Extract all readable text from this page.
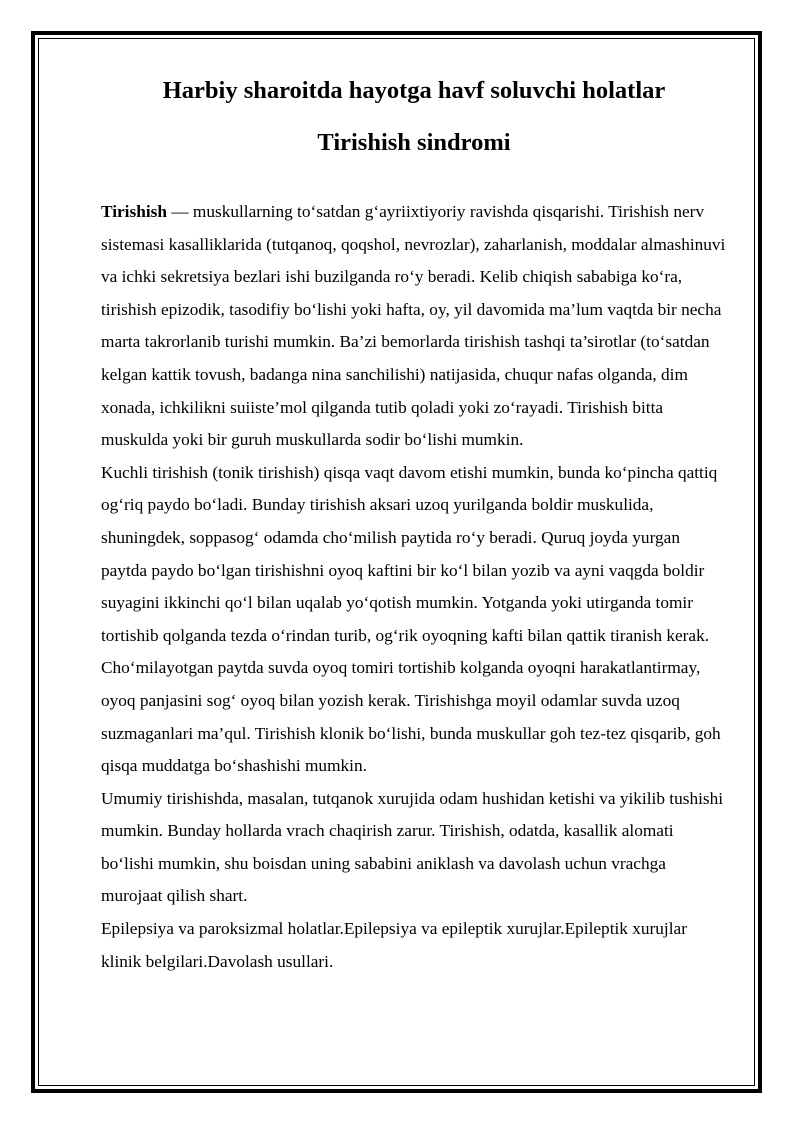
Harbiy sharoitda hayotga havf soluvchi holatlar
Tirishish sindromi

Tirishish — muskullarning to‘satdan g‘ayriixtiyoriy ravishda qisqarishi. Tirishish nerv sistemasi kasalliklarida (tutqanoq, qoqshol, nevrozlar), zaharlanish, moddalar almashinuvi va ichki sekretsiya bezlari ishi buzilganda ro‘y beradi. Kelib chiqish sababiga ko‘ra, tirishish epizodik, tasodifiy bo‘lishi yoki hafta, oy, yil davomida ma’lum vaqtda bir necha marta takrorlanib turishi mumkin. Ba’zi bemorlarda tirishish tashqi ta’sirotlar (to‘satdan kelgan kattik tovush, badanga nina sanchilishi) natijasida, chuqur nafas olganda, dim xonada, ichkilikni suiiste’mol qilganda tutib qoladi yoki zo‘rayadi. Tirishish bitta muskulda yoki bir guruh muskullarda sodir bo‘lishi mumkin.

Kuchli tirishish (tonik tirishish) qisqa vaqt davom etishi mumkin, bunda ko‘pincha qattiq og‘riq paydo bo‘ladi. Bunday tirishish aksari uzoq yurilganda boldir muskulida, shuningdek, soppasog‘ odamda cho‘milish paytida ro‘y beradi. Quruq joyda yurgan paytda paydo bo‘lgan tirishishni oyoq kaftini bir ko‘l bilan yozib va ayni vaqgda boldir suyagini ikkinchi qo‘l bilan uqalab yo‘qotish mumkin. Yotganda yoki utirganda tomir tortishib qolganda tezda o‘rindan turib, og‘rik oyoqning kafti bilan qattik tiranish kerak. Cho‘milayotgan paytda suvda oyoq tomiri tortishib kolganda oyoqni harakatlantirmay, oyoq panjasini sog‘ oyoq bilan yozish kerak. Tirishishga moyil odamlar suvda uzoq suzmaganlari ma’qul. Tirishish klonik bo‘lishi, bunda muskullar goh tez-tez qisqarib, goh qisqa muddatga bo‘shashishi mumkin.

Umumiy tirishishda, masalan, tutqanok xurujida odam hushidan ketishi va yikilib tushishi mumkin. Bunday hollarda vrach chaqirish zarur. Tirishish, odatda, kasallik alomati bo‘lishi mumkin, shu boisdan uning sababini aniklash va davolash uchun vrachga murojaat qilish shart.

Epilepsiya va paroksizmal holatlar.Epilepsiya va epileptik xurujlar.Epileptik xurujlar klinik belgilari.Davolash usullari.
